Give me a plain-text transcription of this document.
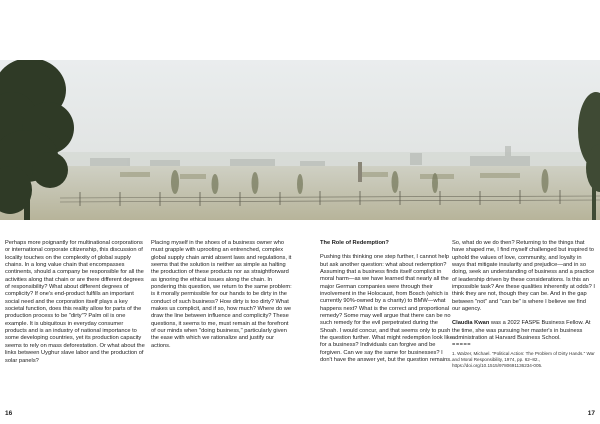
Perhaps more poignantly for multinational corporations or international corporate citizenship, this discussion of locality touches on the complexity of global supply chains. In a long value chain that encompasses continents, should a company be responsible for all the activities along that chain or are there different degrees of responsibility? What about different degrees of complicity? If one's end-product fulfills an important social need and the corporation itself plays a key societal function, does this reality allow for parts of the production process to be "dirty"? Palm oil is one example. It is ubiquitous in everyday consumer products and is an industry of national importance to some developing countries, yet its production capacity seems to rely on mass deforestation. Or what about the links between Uyghur slave labor and the production of solar panels?

Placing myself in the shoes of a business owner who must grapple with uprooting an entrenched, complex global supply chain amid absent laws and regulations, it seems that the solution is neither as simple as halting the production of these products nor as straightforward as ignoring the ethical issues along the chain. In pondering this question, we return to the same problem: is it morally permissible for our hands to be dirty in the conduct of such business? How dirty is too dirty? What makes us complicit, and if so, how much? Where do we draw the line between influence and complicity? These questions, it seems to me, must remain at the forefront of our minds when "doing business," particularly given the ease with which we rationalize and justify our actions.

The Role of Redemption?

Pushing this thinking one step further, I cannot help but ask another question: what about redemption? Assuming that a business finds itself complicit in moral harm—as we have learned that nearly all the major German companies were through their involvement in the Holocaust, from Bosch (which is currently 90%-owned by a charity) to BMW—what happens next? What is the correct and proportional remedy? Some may well argue that there can be no such remedy for the evil perpetrated during the Shoah. I would concur, and that seems only to push the question further. What might redemption look like for a business? Individuals can forgive and be forgiven. Can we say the same for businesses? I don't have the answer yet, but the question remains.

So, what do we do then? Returning to the things that have shaped me, I find myself challenged but inspired to uphold the values of love, community, and loyalty in ways that mitigate insularity and prejudice—and in so doing, seek an understanding of business and a practice of leadership driven by these considerations. Is this an impossible task? Are these qualities inherently at odds? I think they are not, though they can be. And in the gap between "not" and "can be" is where I believe we find our agency.

Claudia Kwan was a 2022 FASPE Business Fellow. At the time, she was pursuing her master's in business administration at Harvard Business School.

=====

1. Walzer, Michael. "Political Action: The Problem of Dirty Hands." War and Moral Responsibility, 1974, pp. 62–82., https://doi.org/10.1515/9780691136234-005.

16	17
